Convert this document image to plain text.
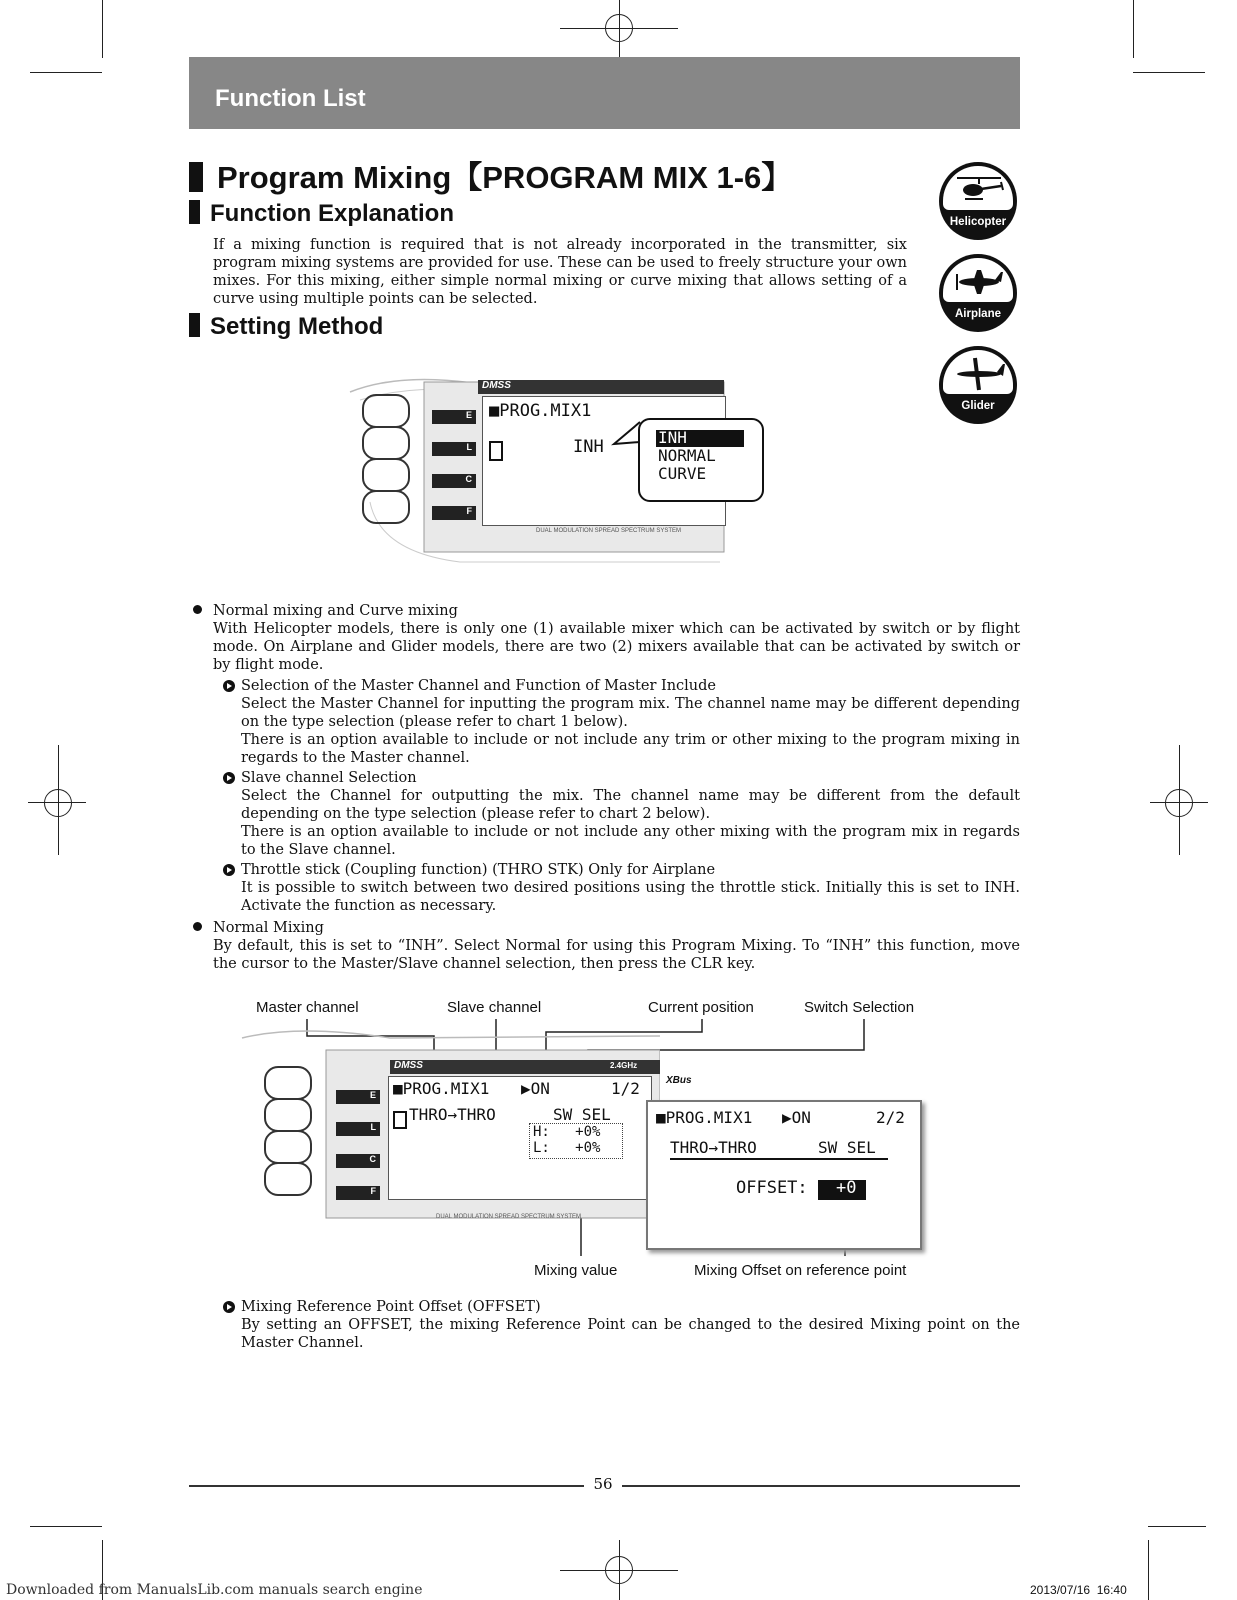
Function List
Program Mixing【PROGRAM MIX 1-6】
Helicopter
Airplane
Glider
Function Explanation
If a mixing function is required that is not already incorporated in the transmitter, six program mixing systems are provided for use. These can be used to freely structure your own mixes. For this mixing, either simple normal mixing or curve mixing that allows setting of a curve using multiple points can be selected.
Setting Method
E
L
C
F
DMSS
■PROG.MIX1
INH
DUAL MODULATION SPREAD SPECTRUM SYSTEM
INH
NORMAL
CURVE
Normal mixing and Curve mixing
With Helicopter models, there is only one (1) available mixer which can be activated by switch or by flight mode. On Airplane and Glider models, there are two (2) mixers available that can be activated by switch or by flight mode.
Selection of the Master Channel and Function of Master Include
Select the Master Channel for inputting the program mix. The channel name may be different depending on the type selection (please refer to chart 1 below).
There is an option available to include or not include any trim or other mixing to the program mixing in regards to the Master channel.
Slave channel Selection
Select the Channel for outputting the mix. The channel name may be different from the default depending on the type selection (please refer to chart 2 below).
There is an option available to include or not include any other mixing with the program mix in regards to the Slave channel.
Throttle stick (Coupling function) (THRO STK) Only for Airplane
It is possible to switch between two desired positions using the throttle stick. Initially this is set to INH. Activate the function as necessary.
Normal Mixing
By default, this is set to “INH”. Select Normal for using this Program Mixing. To “INH” this function, move the cursor to the Master/Slave channel selection, then press the CLR key.
Master channel	Slave channel	Current position	Switch Selection
Mixing value	Mixing Offset on reference point
E
L
C
F
DMSS	2.4GHz
■PROG.MIX1 ▶ON	1/2
THRO→THRO	SW SEL
H:   +0%
L:   +0%
DUAL MODULATION SPREAD SPECTRUM SYSTEM
XBus
■PROG.MIX1 ▶ON	2/2
THRO→THRO	SW SEL
OFFSET: +0
Mixing Reference Point Offset (OFFSET)
By setting an OFFSET, the mixing Reference Point can be changed to the desired Mixing point on the Master Channel.
56
Downloaded from ManualsLib.com manuals search engine	2013/07/16  16:40
